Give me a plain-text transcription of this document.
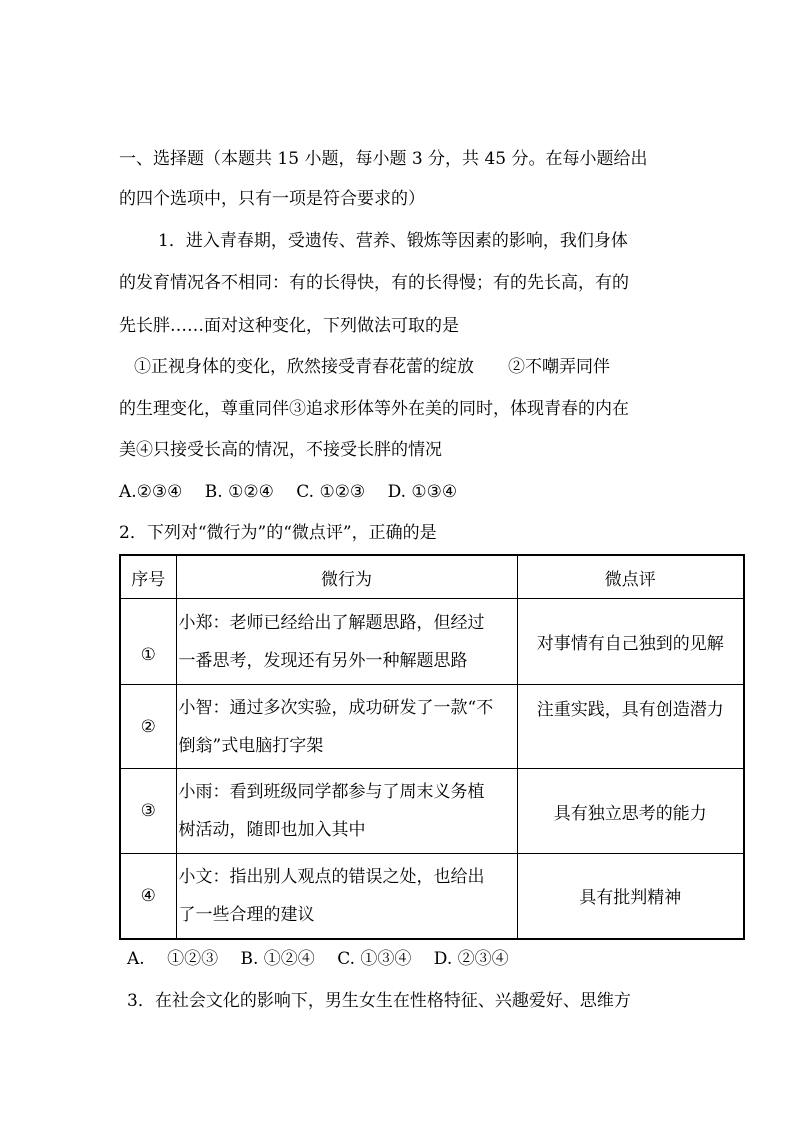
一、选择题（本题共 15 小题，每小题 3 分，共 45 分。在每小题给出
的四个选项中，只有一项是符合要求的）
1．进入青春期，受遗传、营养、锻炼等因素的影响，我们身体
的发育情况各不相同：有的长得快，有的长得慢；有的先长高，有的
先长胖……面对这种变化，下列做法可取的是
①正视身体的变化，欣然接受青春花蕾的绽放　　②不嘲弄同伴
的生理变化，尊重同伴③追求形体等外在美的同时，体现青春的内在
美④只接受长高的情况，不接受长胖的情况
A.②③④　 B. ①②④　 C. ①②③　 D. ①③④
2．下列对“微行为”的“微点评”，正确的是
序号	微行为	微点评
①	小郑：老师已经给出了解题思路，但经过
一番思考，发现还有另外一种解题思路	对事情有自己独到的见解
②	小智：通过多次实验，成功研发了一款“不
倒翁”式电脑打字架	注重实践，具有创造潜力
③	小雨：看到班级同学都参与了周末义务植
树活动，随即也加入其中	具有独立思考的能力
④	小文：指出别人观点的错误之处，也给出
了一些合理的建议	具有批判精神
A.　 ①②③　 B. ①②④　 C. ①③④　 D. ②③④
3．在社会文化的影响下，男生女生在性格特征、兴趣爱好、思维方
